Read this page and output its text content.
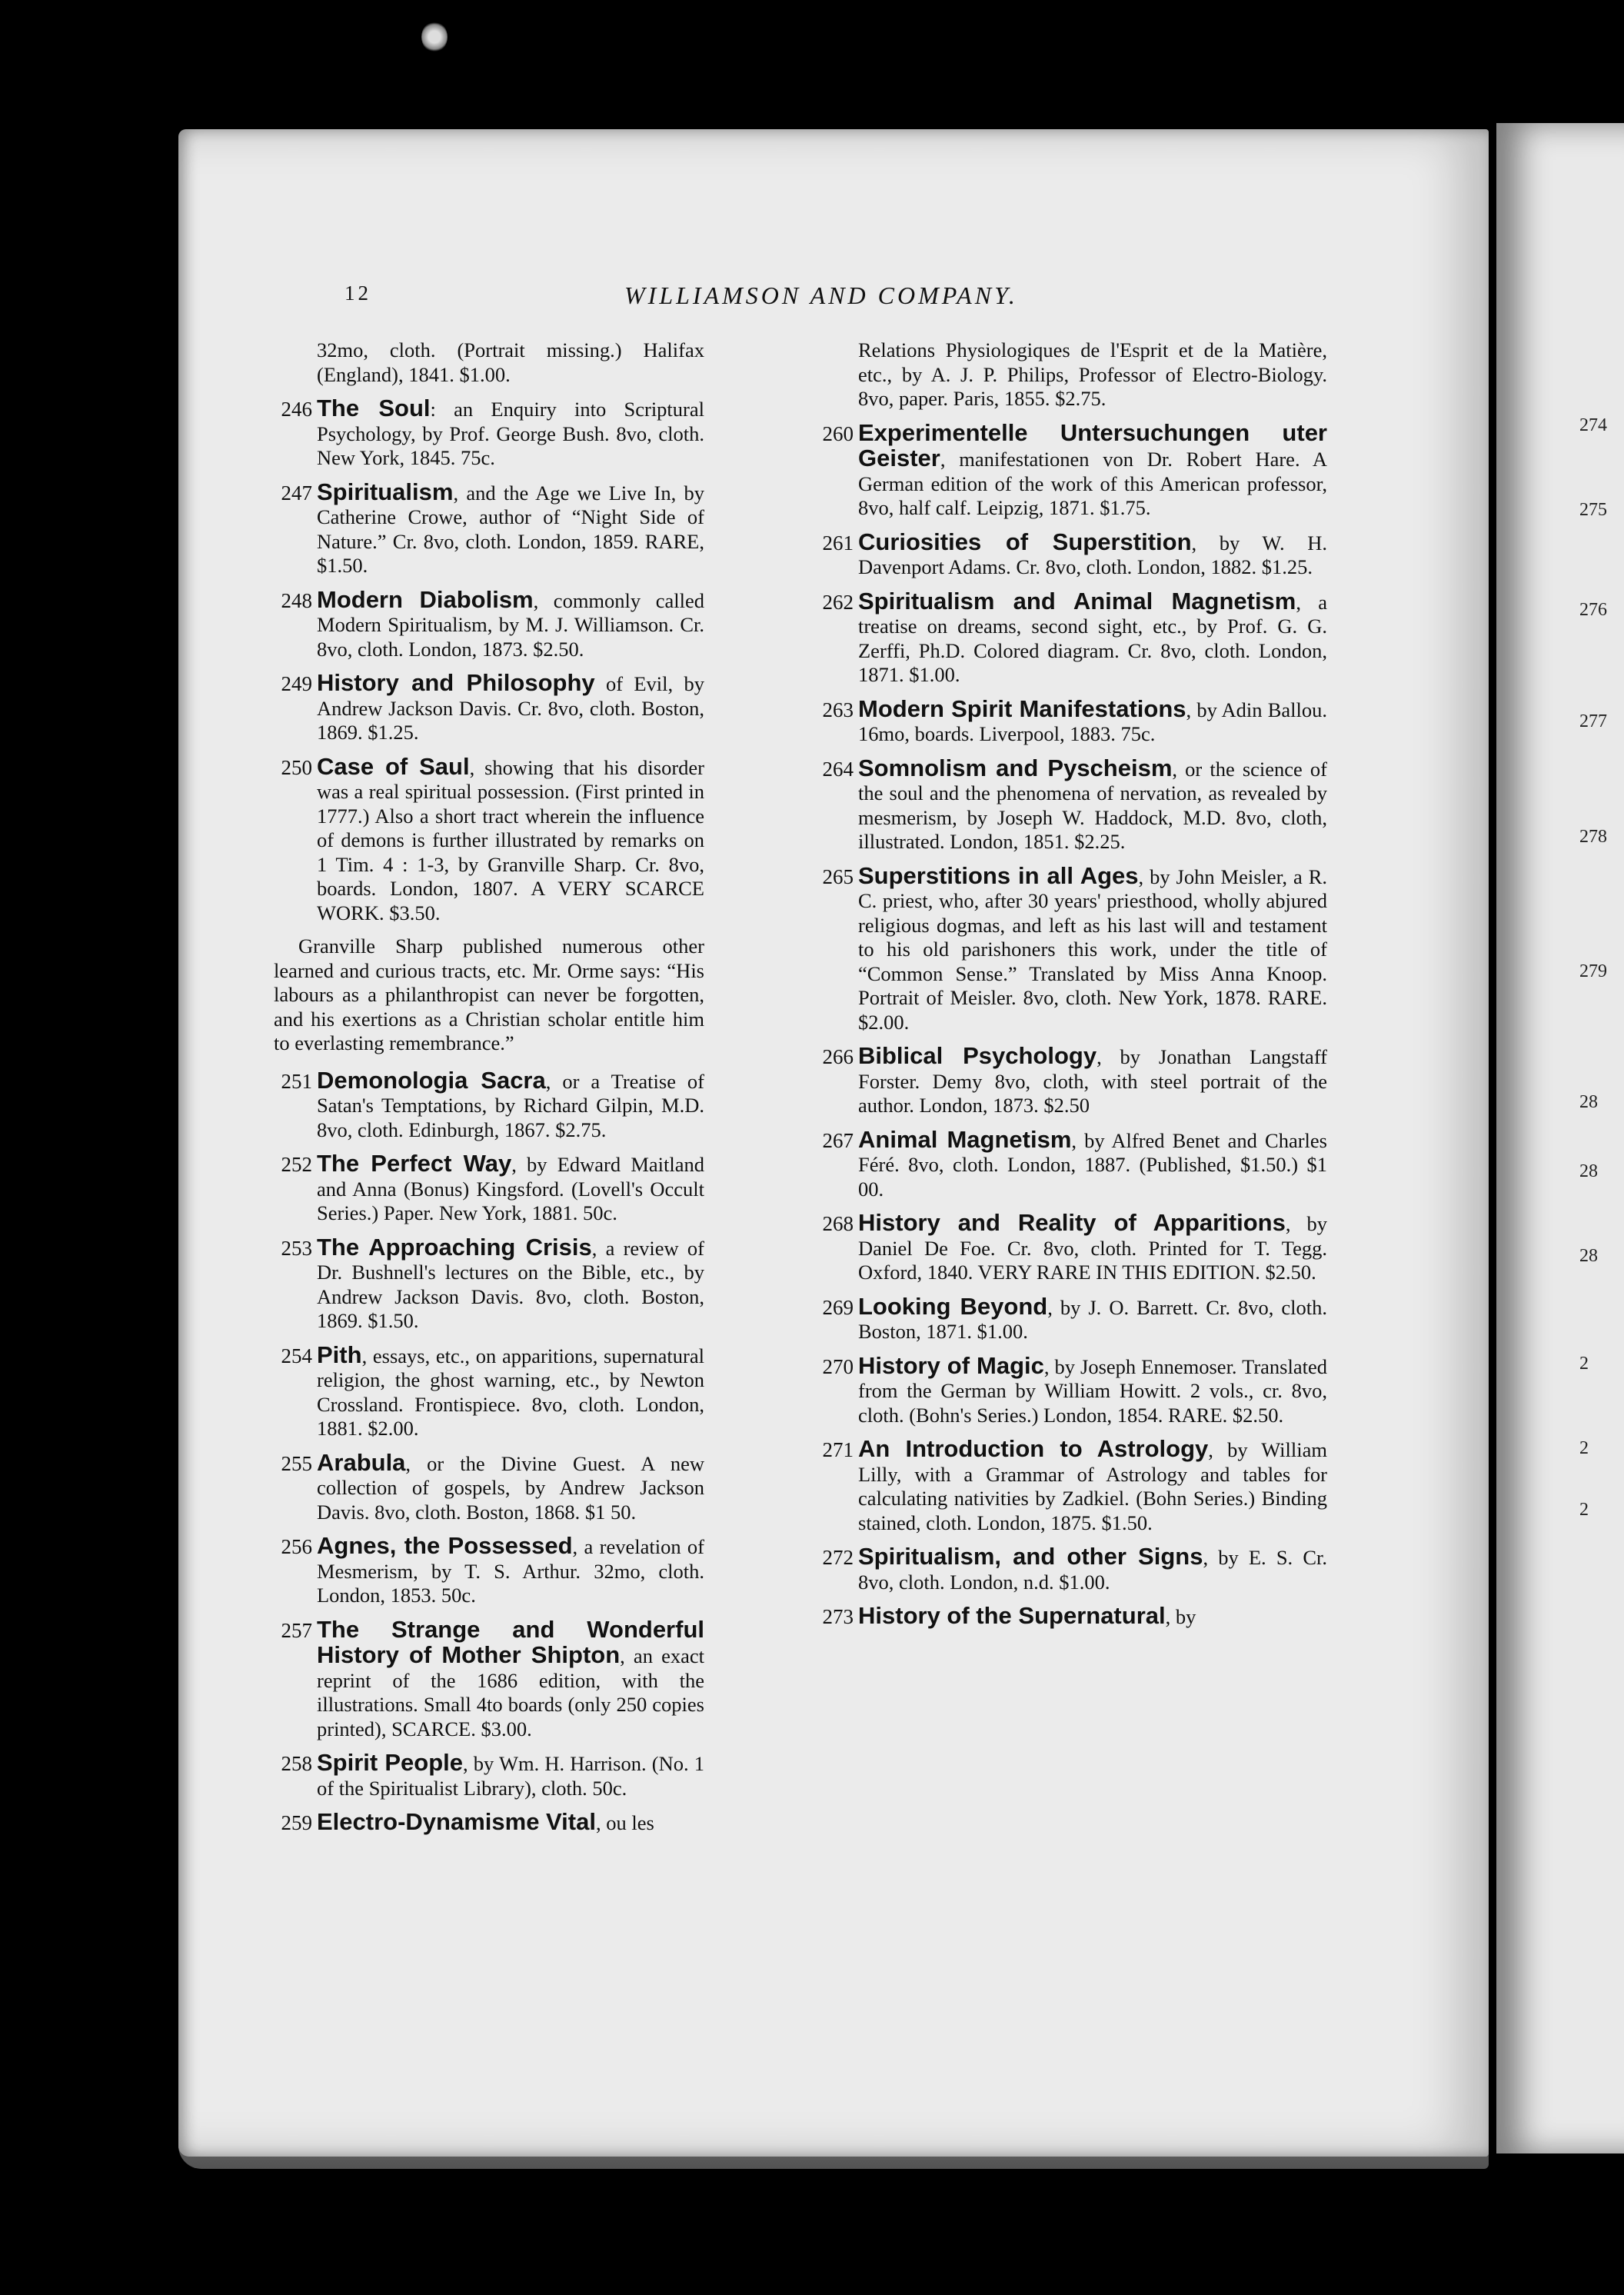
274
275
276
277
278
279
28
28
28
2
2
2
12	WILLIAMSON AND COMPANY.
32mo, cloth. (Portrait missing.) Halifax (England), 1841. $1.00.
246 The Soul: an Enquiry into Scriptural Psychology, by Prof. George Bush. 8vo, cloth. New York, 1845. 75c.
247 Spiritualism, and the Age we Live In, by Catherine Crowe, author of “Night Side of Nature.” Cr. 8vo, cloth. London, 1859. RARE, $1.50.
248 Modern Diabolism, commonly called Modern Spiritualism, by M. J. Williamson. Cr. 8vo, cloth. London, 1873. $2.50.
249 History and Philosophy of Evil, by Andrew Jackson Davis. Cr. 8vo, cloth. Boston, 1869. $1.25.
250 Case of Saul, showing that his disorder was a real spiritual possession. (First printed in 1777.) Also a short tract wherein the influence of demons is further illustrated by remarks on 1 Tim. 4 : 1-3, by Granville Sharp. Cr. 8vo, boards. London, 1807. A VERY SCARCE WORK. $3.50.
Granville Sharp published numerous other learned and curious tracts, etc. Mr. Orme says: “His labours as a philanthropist can never be forgotten, and his exertions as a Christian scholar entitle him to everlasting remembrance.”
251 Demonologia Sacra, or a Treatise of Satan's Temptations, by Richard Gilpin, M.D. 8vo, cloth. Edinburgh, 1867. $2.75.
252 The Perfect Way, by Edward Maitland and Anna (Bonus) Kingsford. (Lovell's Occult Series.) Paper. New York, 1881. 50c.
253 The Approaching Crisis, a review of Dr. Bushnell's lectures on the Bible, etc., by Andrew Jackson Davis. 8vo, cloth. Boston, 1869. $1.50.
254 Pith, essays, etc., on apparitions, supernatural religion, the ghost warning, etc., by Newton Crossland. Frontispiece. 8vo, cloth. London, 1881. $2.00.
255 Arabula, or the Divine Guest. A new collection of gospels, by Andrew Jackson Davis. 8vo, cloth. Boston, 1868. $1 50.
256 Agnes, the Possessed, a revelation of Mesmerism, by T. S. Arthur. 32mo, cloth. London, 1853. 50c.
257 The Strange and Wonderful History of Mother Shipton, an exact reprint of the 1686 edition, with the illustrations. Small 4to boards (only 250 copies printed), SCARCE. $3.00.
258 Spirit People, by Wm. H. Harrison. (No. 1 of the Spiritualist Library), cloth. 50c.
259 Electro-Dynamisme Vital, ou les
Relations Physiologiques de l'Esprit et de la Matière, etc., by A. J. P. Philips, Professor of Electro-Biology. 8vo, paper. Paris, 1855. $2.75.
260 Experimentelle Untersuchungen uter Geister, manifestationen von Dr. Robert Hare. A German edition of the work of this American professor, 8vo, half calf. Leipzig, 1871. $1.75.
261 Curiosities of Superstition, by W. H. Davenport Adams. Cr. 8vo, cloth. London, 1882. $1.25.
262 Spiritualism and Animal Magnetism, a treatise on dreams, second sight, etc., by Prof. G. G. Zerffi, Ph.D. Colored diagram. Cr. 8vo, cloth. London, 1871. $1.00.
263 Modern Spirit Manifestations, by Adin Ballou. 16mo, boards. Liverpool, 1883. 75c.
264 Somnolism and Pyscheism, or the science of the soul and the phenomena of nervation, as revealed by mesmerism, by Joseph W. Haddock, M.D. 8vo, cloth, illustrated. London, 1851. $2.25.
265 Superstitions in all Ages, by John Meisler, a R. C. priest, who, after 30 years' priesthood, wholly abjured religious dogmas, and left as his last will and testament to his old parishoners this work, under the title of “Common Sense.” Translated by Miss Anna Knoop. Portrait of Meisler. 8vo, cloth. New York, 1878. RARE. $2.00.
266 Biblical Psychology, by Jonathan Langstaff Forster. Demy 8vo, cloth, with steel portrait of the author. London, 1873. $2.50
267 Animal Magnetism, by Alfred Benet and Charles Féré. 8vo, cloth. London, 1887. (Published, $1.50.) $1 00.
268 History and Reality of Apparitions, by Daniel De Foe. Cr. 8vo, cloth. Printed for T. Tegg. Oxford, 1840. VERY RARE IN THIS EDITION. $2.50.
269 Looking Beyond, by J. O. Barrett. Cr. 8vo, cloth. Boston, 1871. $1.00.
270 History of Magic, by Joseph Ennemoser. Translated from the German by William Howitt. 2 vols., cr. 8vo, cloth. (Bohn's Series.) London, 1854. RARE. $2.50.
271 An Introduction to Astrology, by William Lilly, with a Grammar of Astrology and tables for calculating nativities by Zadkiel. (Bohn Series.) Binding stained, cloth. London, 1875. $1.50.
272 Spiritualism, and other Signs, by E. S. Cr. 8vo, cloth. London, n.d. $1.00.
273 History of the Supernatural, by
